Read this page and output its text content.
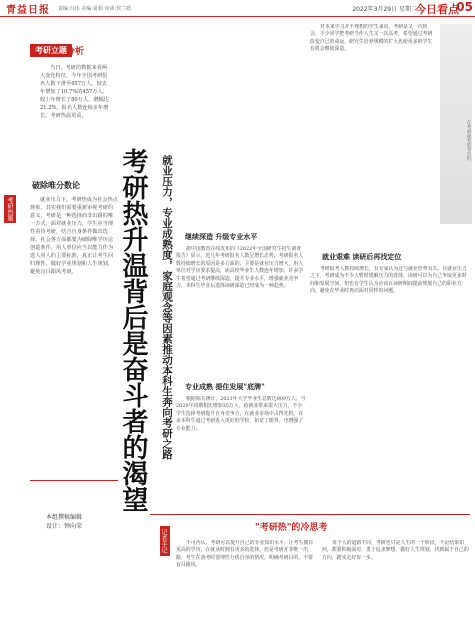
青益日报 责编:冯伟 美编:夏娟 审读:侯兰皓	2022年3月29日 星期二
今日看点
05
考研立题 分析

当日，考研的数据来看两大变化特征，今年全国考研报名人数下滑至457万人，较去年增加了10.7%的457万人，较上年增长了80万人，增幅达21.2%，报名人数连续多年增长，考研热温更高，

考研热题
破除唯分数论

就业压力下，考研热成为社会热点现象，其实我们需要重新审视考研的意义，考研是一种选择而非出路的唯一方式。面对就业压力，学生应当理性看待考研，结合自身条件做出选择。社会各方面都要为破除唯学历论创造条件，用人单位应当以能力作为选人用人的主要标准，真正让考生回归理性，做好学业规划和人生规划，避免盲目跟风考研。

本组撰稿编辑
设计：钟向荣
考研热升温背后是奋斗者的渴望 就业压力，专业成熟度，家庭观念等因素推动本科生奔向考研之路
在考研备考的考生们
继续深造 升级专业水平

据中国教育在线发布的《2022年全国研究生招生调查报告》显示，近几年考研报名人数呈增长态势。考研报名人数持续增长的原因是多方面的，主要是就业压力增大，用人单位对学历要求提高，而高校毕业生人数连年增加，许多学生希望通过考研继续深造，提升专业水平，增强就业竞争力。本科生毕业后选择读研深造已经成为一种趋势。

专业成熟 提住发展"底牌"

根据相关统计，2021年大学毕业生总数达909万人，与2020年同期相比增加35万人，给就业带来很大压力，不少学生选择考研提升自身竞争力，在就业市场中占得先机。许多本科生通过考研进入更好的学校，拓宽了眼界，也增强了专业能力。

对本来学习并不理想的学生来说，考研是又一次机会，不少同学把考研当作人生又一次高考，希望通过考研改变自己的命运。研究生培养规模的扩大也使更多的学生有机会继续深造。

就业艰难 读研后再找定位

考研报考人数持续增长，有专家认为这与就业形势有关。在就业压力之下，考研成为不少人暂时缓解压力的选择，读研可以为自己争取更多时间和发展空间，但也有学生认为应该在读研期间提前规划自己的职业方向，避免在毕业时再次面对同样的问题。

记者手记
"考研热"的冷思考

不可否认，考研可以提升自己的专业知识水平，让考生拥有更高的学历，在就业时拥有更多的选择。但是考研并非唯一出路，考生在备考时要理性分析自身的情况，明确考研目的，不要盲目跟风。

每个人的道路不同，考研也只是人生的一个阶段，不论结果如何，都要积极面对，勇于追求梦想，做好人生规划，找到属于自己的方向，踏实走好每一步。
